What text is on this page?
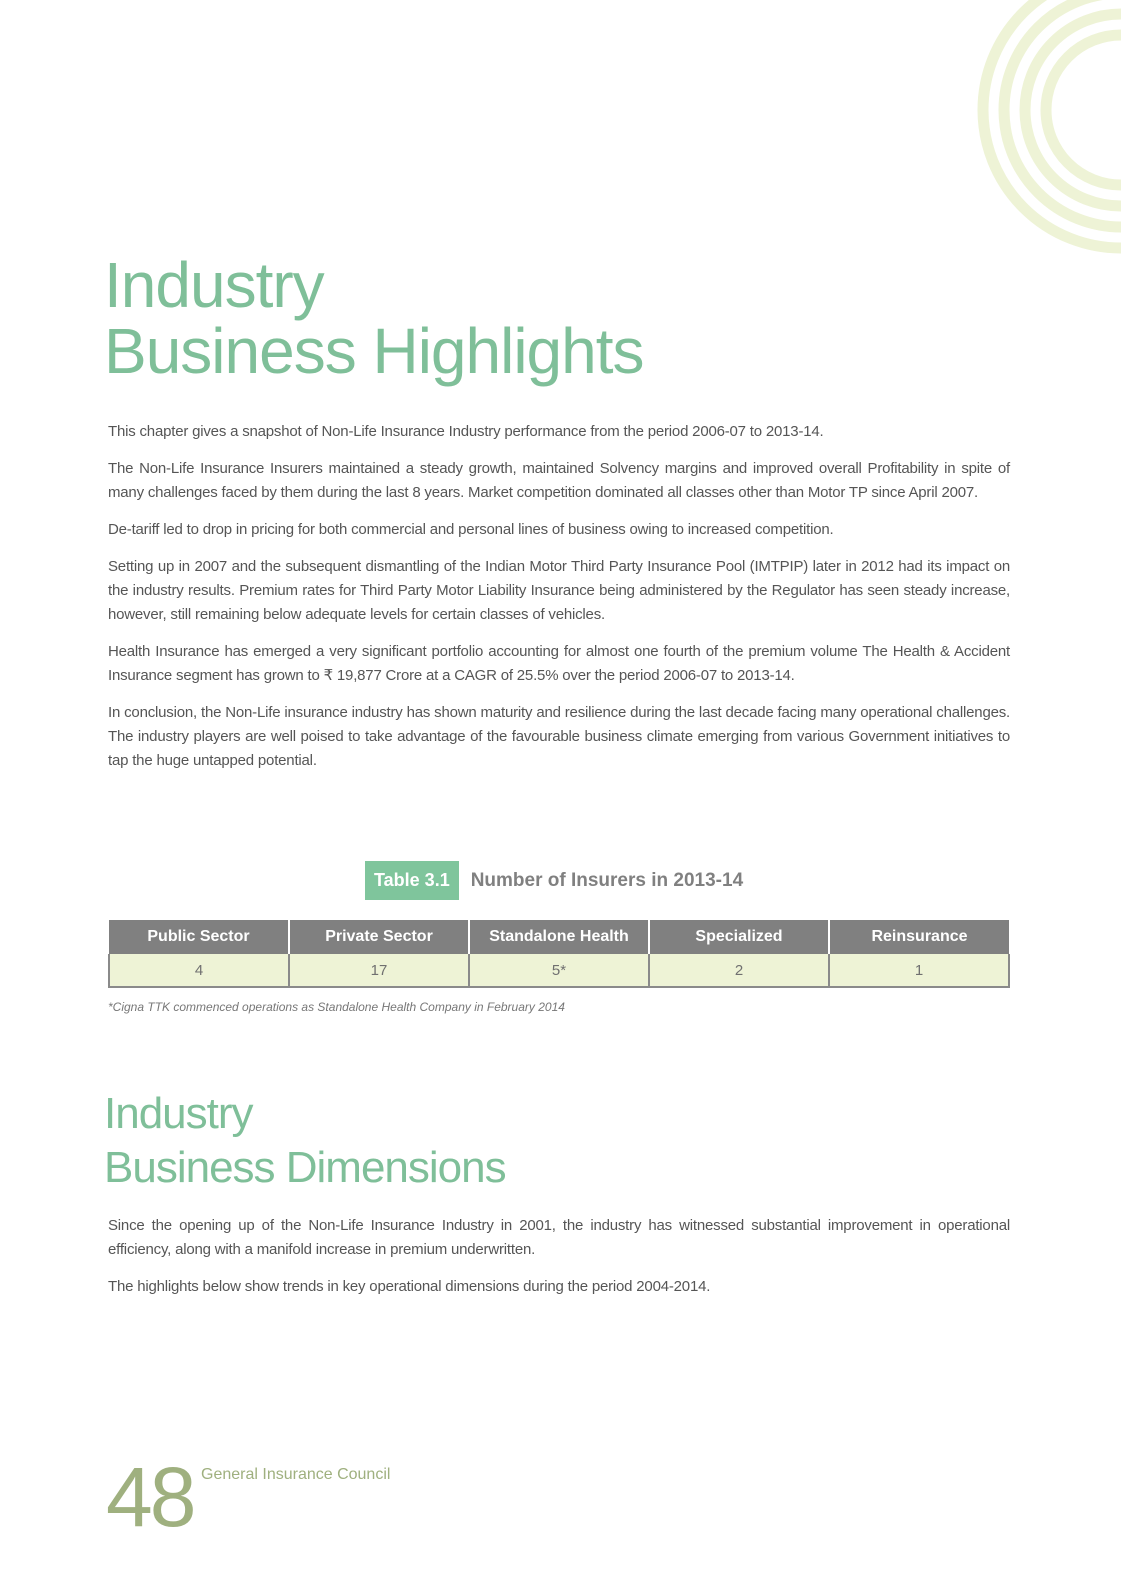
Industry
Business Highlights

This chapter gives a snapshot of Non-Life Insurance Industry performance from the period 2006-07 to 2013-14.

The Non-Life Insurance Insurers maintained a steady growth, maintained Solvency margins and improved overall Profitability in spite of many challenges faced by them during the last 8 years. Market competition dominated all classes other than Motor TP since April 2007.

De-tariff led to drop in pricing for both commercial and personal lines of business owing to increased competition.

Setting up in 2007 and the subsequent dismantling of the Indian Motor Third Party Insurance Pool (IMTPIP) later in 2012 had its impact on the industry results. Premium rates for Third Party Motor Liability Insurance being administered by the Regulator has seen steady increase, however, still remaining below adequate levels for certain classes of vehicles.

Health Insurance has emerged a very significant portfolio accounting for almost one fourth of the premium volume The Health & Accident Insurance segment has grown to ₹ 19,877 Crore at a CAGR of 25.5% over the period 2006-07 to 2013-14.

In conclusion, the Non-Life insurance industry has shown maturity and resilience during the last decade facing many operational challenges. The industry players are well poised to take advantage of the favourable business climate emerging from various Government initiatives to tap the huge untapped potential.

Table 3.1	Number of Insurers in 2013-14
Public Sector	Private Sector	Standalone Health	Specialized	Reinsurance
4	17	5*	2	1
*Cigna TTK commenced operations as Standalone Health Company in February 2014
Industry
Business Dimensions

Since the opening up of the Non-Life Insurance Industry in 2001, the industry has witnessed substantial improvement in operational efficiency, along with a manifold increase in premium underwritten.

The highlights below show trends in key operational dimensions during the period 2004-2014.

48 General Insurance Council
